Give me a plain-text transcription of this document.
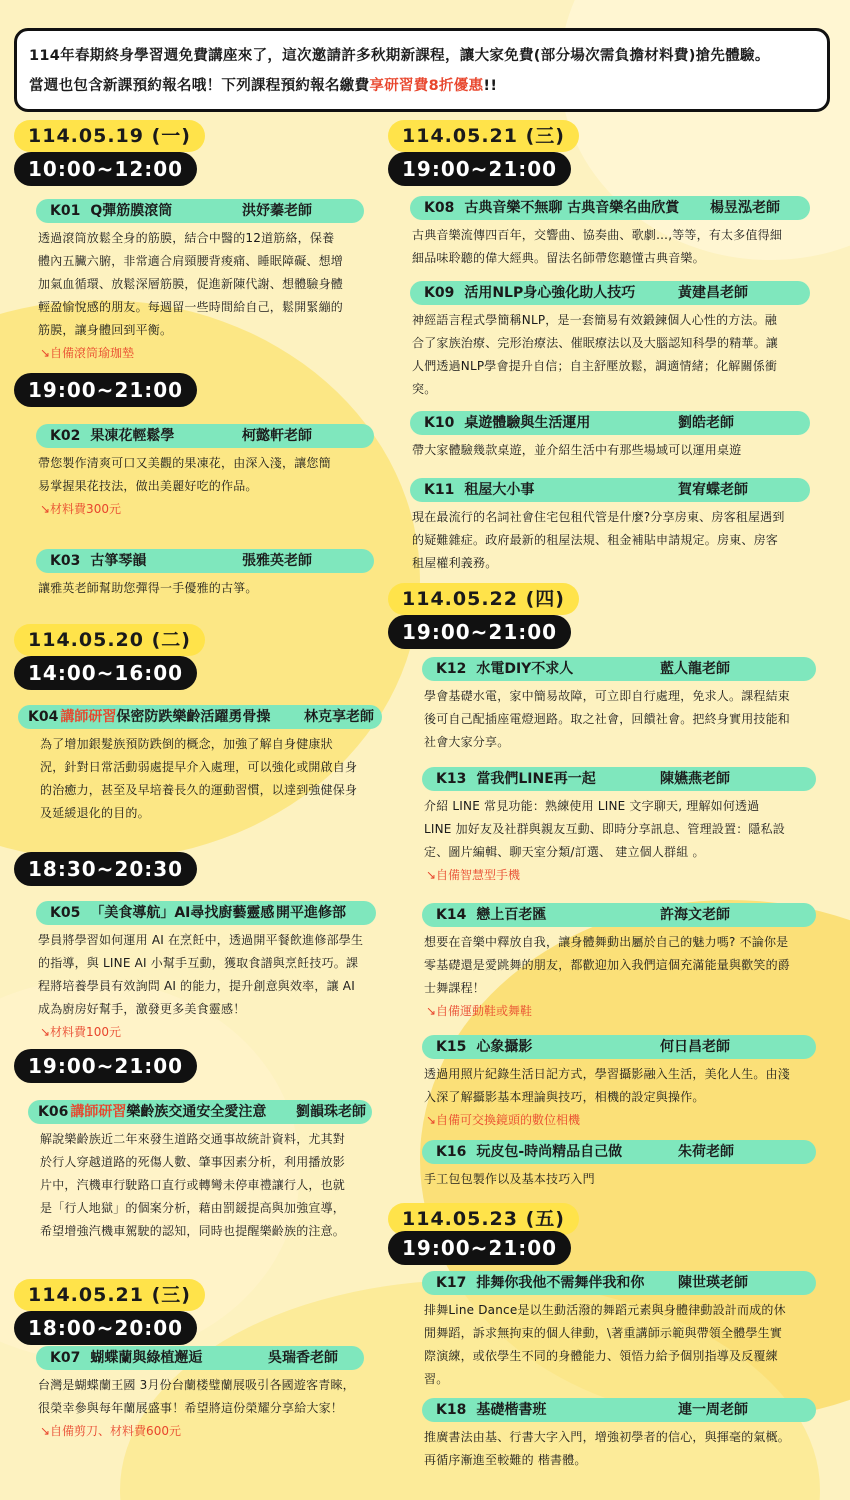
114年春期終身學習週免費講座來了，這次邀請許多秋期新課程，讓大家免費(部分場次需負擔材料費)搶先體驗。
當週也包含新課預約報名哦！下列課程預約報名繳費享研習費8折優惠!!
114.05.19 (一)
10:00~12:00
K01 Q彈筋膜滾筒	洪妤蓁老師
透過滾筒放鬆全身的筋膜，結合中醫的12道筋絡，保養
體內五臟六腑，非常適合肩頸腰背痠痛、睡眠障礙、想增
加氣血循環、放鬆深層筋膜，促進新陳代謝、想體驗身體
輕盈愉悅感的朋友。每週留一些時間給自己，鬆開緊繃的
筋膜，讓身體回到平衡。
↘自備滾筒瑜珈墊
19:00~21:00
K02 果凍花輕鬆學	柯懿軒老師
帶您製作清爽可口又美觀的果凍花，由深入淺，讓您簡
易掌握果花技法，做出美麗好吃的作品。
↘材料費300元
K03 古箏琴韻	張雅英老師
讓雅英老師幫助您彈得一手優雅的古箏。
114.05.20 (二)
14:00~16:00
K04 講師研習保密防跌樂齡活躍勇骨操 林克享老師
為了增加銀髮族預防跌倒的概念，加強了解自身健康狀
況，針對日常活動弱處提早介入處理，可以強化或開啟自身
的治癒力，甚至及早培養長久的運動習慣，以達到強健保身
及延緩退化的目的。
18:30~20:30
K05 「美食導航」AI尋找廚藝靈感 開平進修部
學員將學習如何運用 AI 在烹飪中，透過開平餐飲進修部學生
的指導，與 LINE AI 小幫手互動，獲取食譜與烹飪技巧。課
程將培養學員有效詢問 AI 的能力，提升創意與效率，讓 AI
成為廚房好幫手，激發更多美食靈感！
↘材料費100元
19:00~21:00
K06 講師研習樂齡族交通安全愛注意 劉韻珠老師
解說樂齡族近二年來發生道路交通事故統計資料，尤其對
於行人穿越道路的死傷人數、肇事因素分析，利用播放影
片中，汽機車行駛路口直行或轉彎未停車禮讓行人，也就
是「行人地獄」的個案分析，藉由罰鍰提高與加強宣導，
希望增強汽機車駕駛的認知，同時也提醒樂齡族的注意。
114.05.21 (三)
18:00~20:00
K07 蝴蝶蘭與綠植邂逅	吳瑞香老師
台灣是蝴蝶蘭王國 3月份台蘭楼璧蘭展吸引各國遊客青睞，
很榮幸參與每年蘭展盛事！希望將這份榮耀分享給大家！
↘自備剪刀、材料費600元
114.05.21 (三)
19:00~21:00
K08 古典音樂不無聊 古典音樂名曲欣賞 楊昱泓老師
古典音樂流傳四百年，交響曲、協奏曲、歌劇…,等等，有太多值得細
細品味聆聽的偉大經典。留法名師帶您聽懂古典音樂。
K09 活用NLP身心強化助人技巧	黃建昌老師
神經語言程式學簡稱NLP，是一套簡易有效鍛鍊個人心性的方法。融
合了家族治療、完形治療法、催眠療法以及大腦認知科學的精華。讓
人們透過NLP學會提升自信；自主舒壓放鬆，調適情緒；化解關係衝
突。
K10 桌遊體驗與生活運用	劉皓老師
帶大家體驗幾款桌遊，並介紹生活中有那些場域可以運用桌遊
K11 租屋大小事	賀宥蝶老師
現在最流行的名詞社會住宅包租代管是什麼?分享房東、房客租屋遇到
的疑難雜症。政府最新的租屋法規、租金補貼申請規定。房東、房客
租屋權利義務。
114.05.22 (四)
19:00~21:00
K12 水電DIY不求人	藍人龍老師
學會基礎水電，家中簡易故障，可立即自行處理，免求人。課程結束
後可自己配插座電燈迴路。取之社會，回饋社會。把終身實用技能和
社會大家分享。
K13 當我們LINE再一起	陳嬿燕老師
介紹 LINE 常見功能：熟練使用 LINE 文字聊天, 理解如何透過
LINE 加好友及社群與親友互動、即時分享訊息、管理設置：隱私設
定、圖片編輯、聊天室分類/訂選、 建立個人群組 。
↘自備智慧型手機
K14 戀上百老匯	許海文老師
想要在音樂中釋放自我，讓身體舞動出屬於自己的魅力嗎? 不論你是
零基礎還是愛跳舞的朋友，都歡迎加入我們這個充滿能量與歡笑的爵
士舞課程！
↘自備運動鞋或舞鞋
K15 心象攝影	何日昌老師
透過用照片紀錄生活日記方式，學習攝影融入生活，美化人生。由淺
入深了解攝影基本理論與技巧，相機的設定與操作。
↘自備可交換鏡頭的數位相機
K16 玩皮包-時尚精品自己做	朱荷老師
手工包包製作以及基本技巧入門
114.05.23 (五)
19:00~21:00
K17 排舞你我他不需舞伴我和你 陳世瑛老師
排舞Line Dance是以生動活潑的舞蹈元素與身體律動設計而成的休
閒舞蹈，訴求無拘束的個人律動，\著重講師示範與帶領全體學生實
際演練，或依學生不同的身體能力、領悟力給予個別指導及反覆練
習。
K18 基礎楷書班	連一周老師
推廣書法由基、行書大字入門，增強初學者的信心，與揮毫的氣概。
再循序漸進至較難的 楷書體。
